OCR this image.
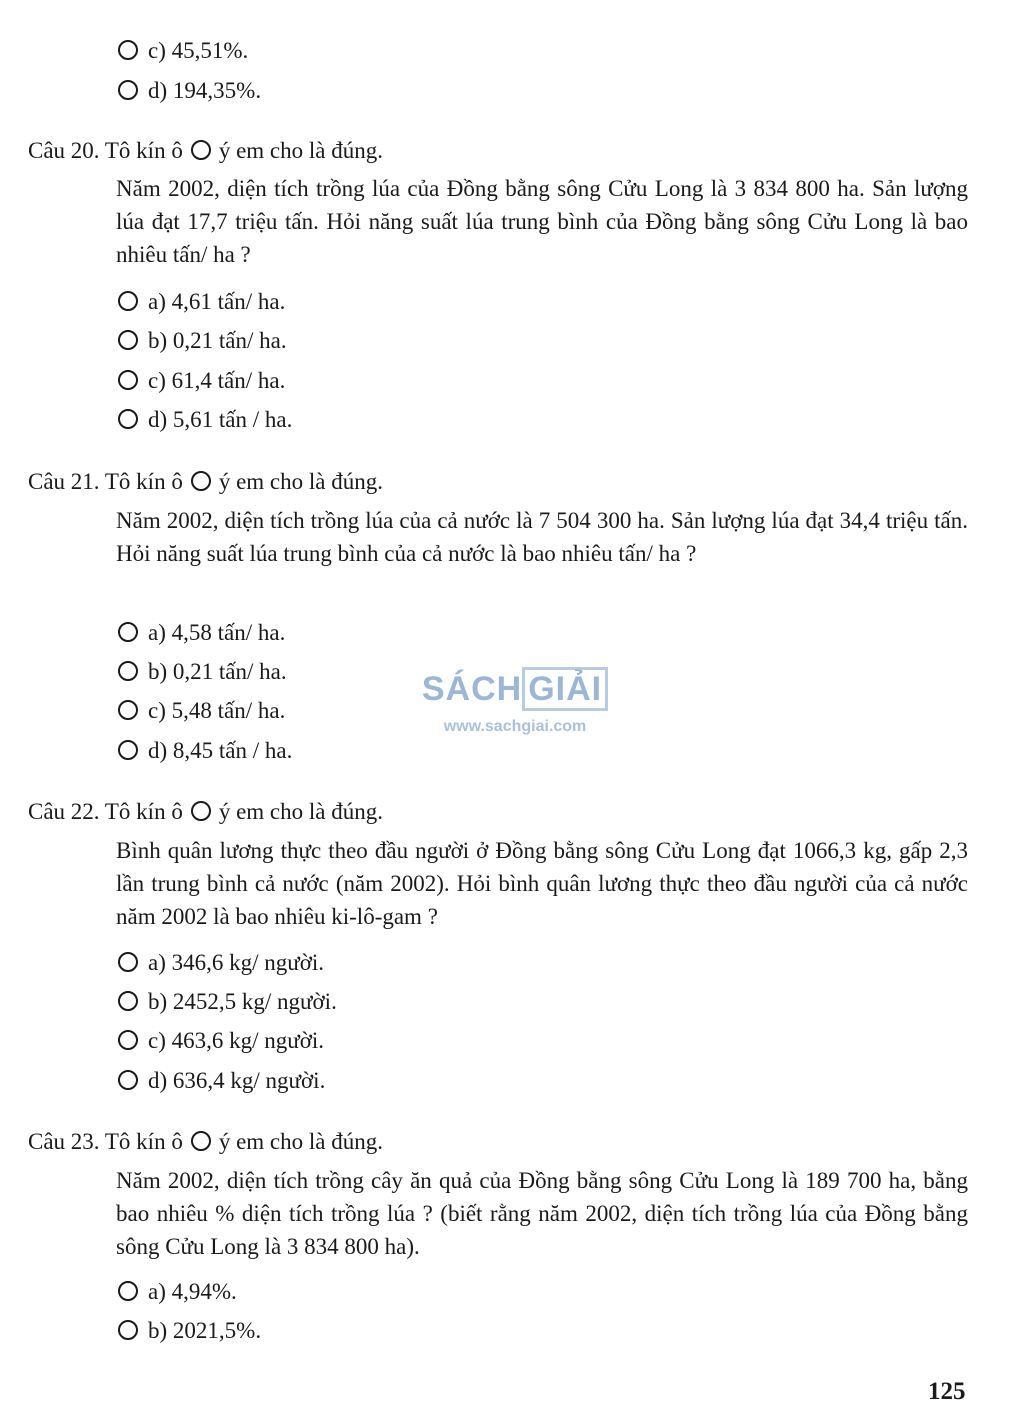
c) 45,51%.
d) 194,35%.
Câu 20. Tô kín ô ý em cho là đúng.
Năm 2002, diện tích trồng lúa của Đồng bằng sông Cửu Long là 3 834 800 ha. Sản lượng lúa đạt 17,7 triệu tấn. Hỏi năng suất lúa trung bình của Đồng bằng sông Cửu Long là bao nhiêu tấn/ ha ?
a) 4,61 tấn/ ha.
b) 0,21 tấn/ ha.
c) 61,4 tấn/ ha.
d) 5,61 tấn / ha.
Câu 21. Tô kín ô ý em cho là đúng.
Năm 2002, diện tích trồng lúa của cả nước là 7 504 300 ha. Sản lượng lúa đạt 34,4 triệu tấn. Hỏi năng suất lúa trung bình của cả nước là bao nhiêu tấn/ ha ?
a) 4,58 tấn/ ha.
b) 0,21 tấn/ ha.
c) 5,48 tấn/ ha.
d) 8,45 tấn / ha.
SÁCH GIẢI
www.sachgiai.com
Câu 22. Tô kín ô ý em cho là đúng.
Bình quân lương thực theo đầu người ở Đồng bằng sông Cửu Long đạt 1066,3 kg, gấp 2,3 lần trung bình cả nước (năm 2002). Hỏi bình quân lương thực theo đầu người của cả nước năm 2002 là bao nhiêu ki-lô-gam ?
a) 346,6 kg/ người.
b) 2452,5 kg/ người.
c) 463,6 kg/ người.
d) 636,4 kg/ người.
Câu 23. Tô kín ô ý em cho là đúng.
Năm 2002, diện tích trồng cây ăn quả của Đồng bằng sông Cửu Long là 189 700 ha, bằng bao nhiêu % diện tích trồng lúa ? (biết rằng năm 2002, diện tích trồng lúa của Đồng bằng sông Cửu Long là 3 834 800 ha).
a) 4,94%.
b) 2021,5%.
125
